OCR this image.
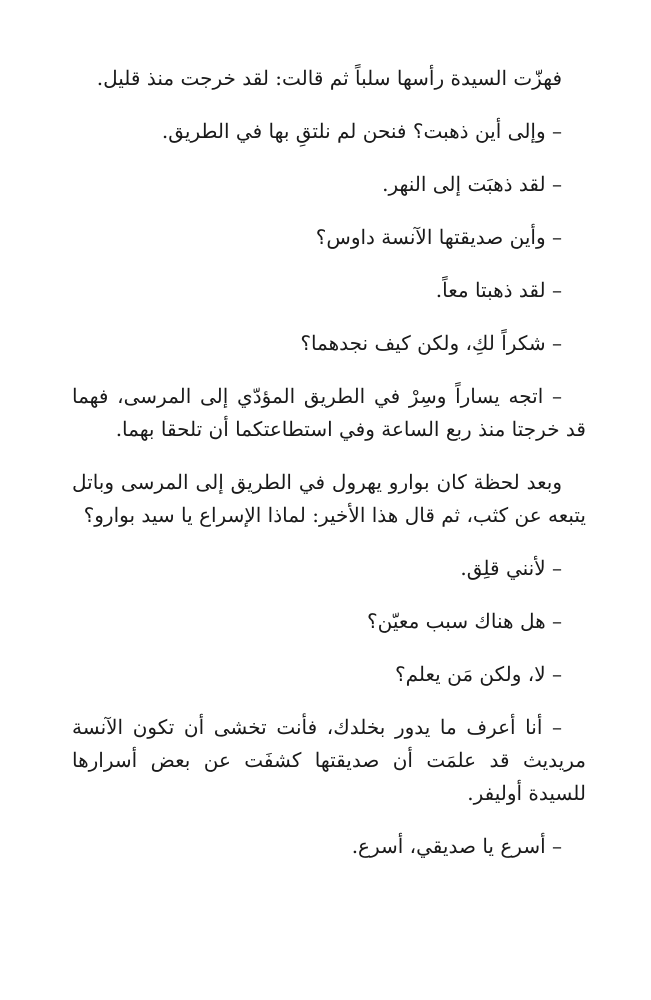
فهزّت السيدة رأسها سلباً ثم قالت: لقد خرجت منذ قليل.

– وإلى أين ذهبت؟ فنحن لم نلتقِ بها في الطريق.

– لقد ذهبَت إلى النهر.

– وأين صديقتها الآنسة داوس؟

– لقد ذهبتا معاً.

– شكراً لكِ، ولكن كيف نجدهما؟

– اتجه يساراً وسِرْ في الطريق المؤدّي إلى المرسى، فهما قد خرجتا منذ ربع الساعة وفي استطاعتكما أن تلحقا بهما.

وبعد لحظة كان بوارو يهرول في الطريق إلى المرسى وباتل يتبعه عن كثب، ثم قال هذا الأخير: لماذا الإسراع يا سيد بوارو؟

– لأنني قلِق.

– هل هناك سبب معيّن؟

– لا، ولكن مَن يعلم؟

– أنا أعرف ما يدور بخلدك، فأنت تخشى أن تكون الآنسة مريديث قد علمَت أن صديقتها كشفَت عن بعض أسرارها للسيدة أوليفر.

– أسرع يا صديقي، أسرع.
